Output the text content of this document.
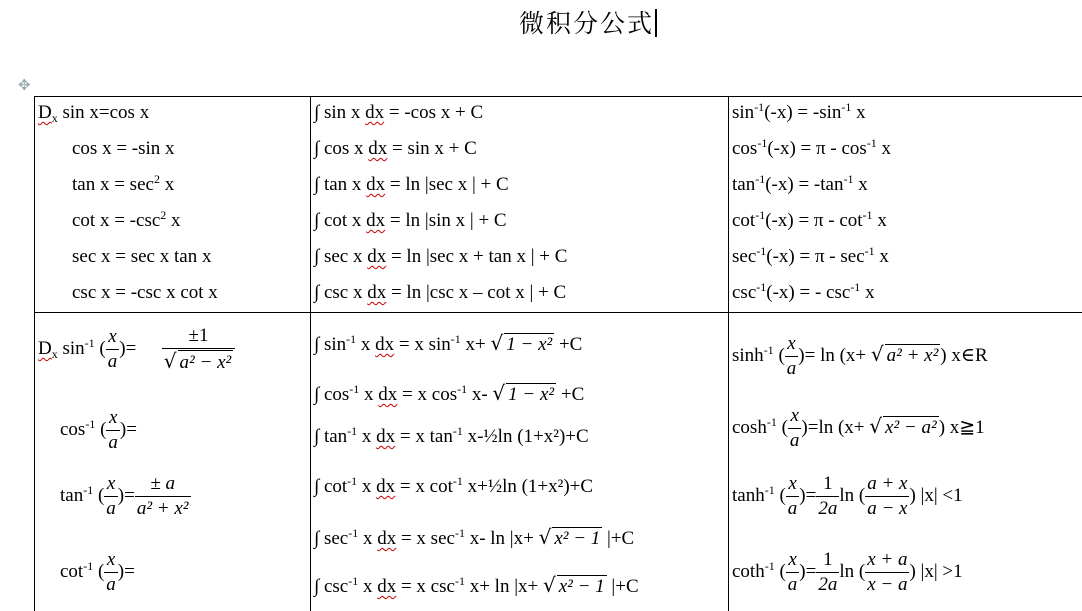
微积分公式
✥
$D_x$ sin x=cos x
cos x = -sin x
$\tan x = \sec^2 x$
$\cot x = -\csc^2$ x
sec x = sec x tan x
csc x = -csc x cot x
∫ sin x dx = -cos x + C
∫ cos x dx = sin x + C
∫ tan x dx = ln |sec x | + C
∫ cot x dx = ln |sin x | + C
∫ sec x dx = ln |sec x + tan x | + C
∫ csc x dx = ln |csc x – cot x | + C
$\sin^{-1}(-x) = -\sin^{-1}$ x
$\cos^{-1}(-x) = \pi - \cos^{-1} x$
$\tan^{-1}(-x) = -\tan^{-1}$ x
$\cot^{-1}(-x) = \pi - \cot^{-1} x$
$\sec^{-1}(-x) = \pi - \sec^{-1} x$
$\csc^{-1}(-x)$ = - $\csc^{-1} x$
$D_x$ $\sin^{-1}$ ( $\frac{x}{a}$ )= $\frac{\pm 1}{\text{√ a² − x²}}$
$\cos^{-1}$ ( $\frac{x}{a}$ )=
$\tan^{-1}$ ( $\frac{x}{a}$ )= $\frac{\pm a}{\text{a² + x²}}$
$\cot^{-1}$ ( $\frac{x}{a}$ )=
∫ $\sin^{-1} x$ dx = x $\sin^{-1} x+$ √ 1 − x² +C
∫ $\cos^{-1} x$ dx = x $\cos^{-1} x-$ √ 1 − x² +C
∫ $\tan^{-1} x$ dx = x $\tan^{-1}$ x-½ln (1+x²)+C
∫ $\cot^{-1} x$ dx = x $\cot^{-1}$ x+½ln (1+x²)+C
∫ $\sec^{-1} x$ dx = x $\sec^{-1} x-$ ln |x+ √ x² − 1 |+C
∫ $\csc^{-1} x$ dx = x $\csc^{-1} x+ \ln |x+$ √ x² − 1 |+C
$\sinh^{-1}$ ( $\frac{x}{a}$ )= ln (x+ √ a² + x² ) x∈R
$\cosh^{-1}$ ( $\frac{x}{a} )=\ln$ (x+ √ x² − a² ) x≧1
$\tanh^{-1}$ ( $\frac{x}{a}$ )= $\frac{1}{2a}$ ln ( $\frac{a + x}{a - x}$ ) |x| <1
coth$^{-1}$ ( $\frac{x}{a}$ )= $\frac{1}{2a}$ ln ( $\frac{x + a}{x - a}$ ) |x| >1
